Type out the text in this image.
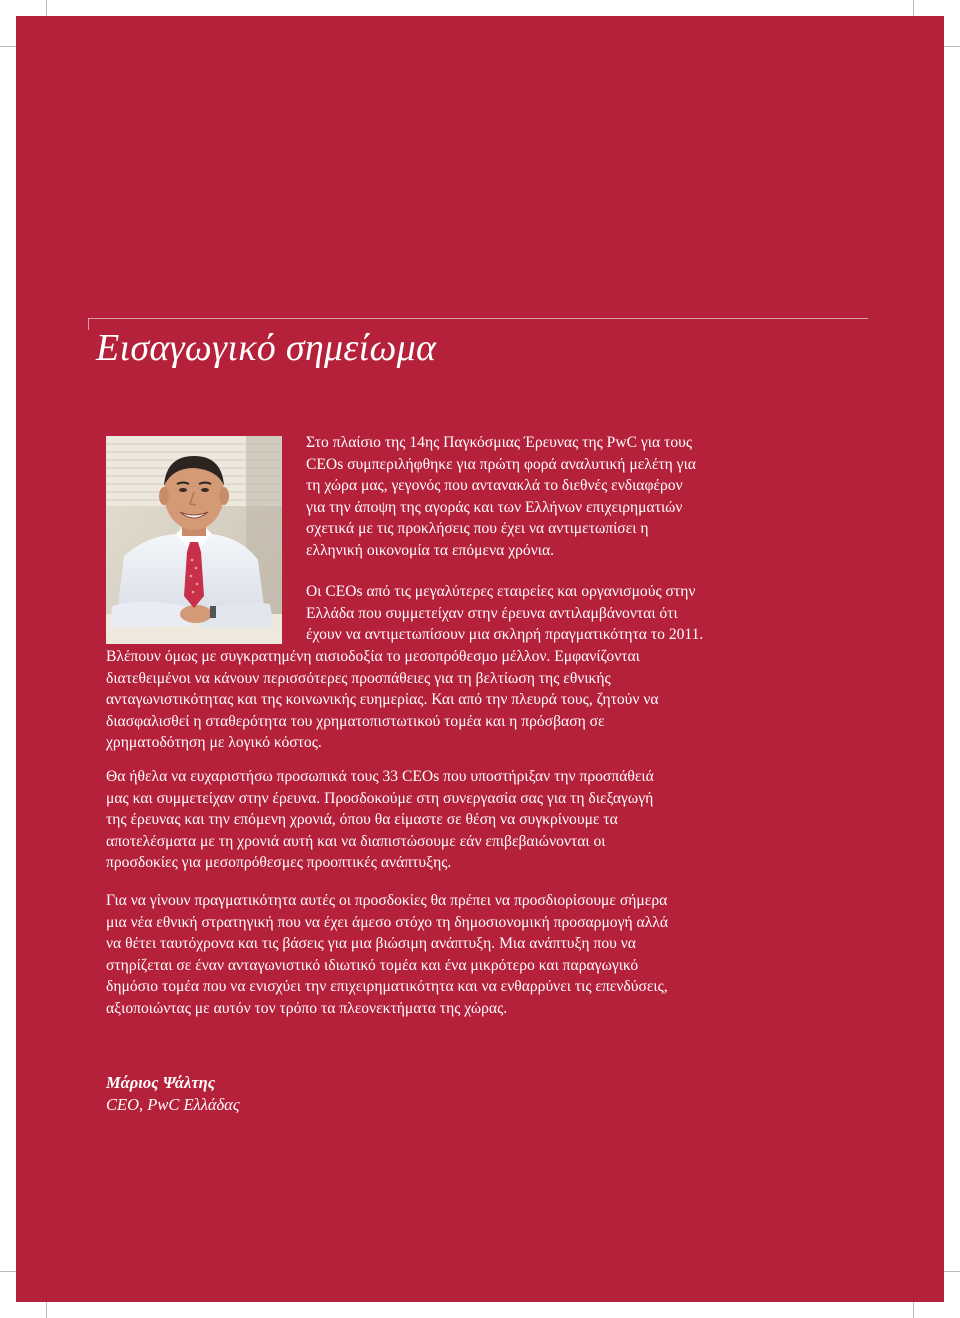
Εισαγωγικό σημείωμα
Στο πλαίσιο της 14ης Παγκόσμιας Έρευνας της PwC για τους
CEOs συμπεριλήφθηκε για πρώτη φορά αναλυτική μελέτη για
τη χώρα μας, γεγονός που αντανακλά το διεθνές ενδιαφέρον
για την άποψη της αγοράς και των Ελλήνων επιχειρηματιών
σχετικά με τις προκλήσεις που έχει να αντιμετωπίσει η
ελληνική οικονομία τα επόμενα χρόνια.
Οι CEOs από τις μεγαλύτερες εταιρείες και οργανισμούς στην
Ελλάδα που συμμετείχαν στην έρευνα αντιλαμβάνονται ότι
έχουν να αντιμετωπίσουν μια σκληρή πραγματικότητα το 2011.
Βλέπουν όμως με συγκρατημένη αισιοδοξία το μεσοπρόθεσμο μέλλον. Εμφανίζονται
διατεθειμένοι να κάνουν περισσότερες προσπάθειες για τη βελτίωση της εθνικής
ανταγωνιστικότητας και της κοινωνικής ευημερίας. Και από την πλευρά τους, ζητούν να
διασφαλισθεί η σταθερότητα του χρηματοπιστωτικού τομέα και η πρόσβαση σε
χρηματοδότηση με λογικό κόστος.
Θα ήθελα να ευχαριστήσω προσωπικά τους 33 CEOs που υποστήριξαν την προσπάθειά
μας και συμμετείχαν στην έρευνα. Προσδοκούμε στη συνεργασία σας για τη διεξαγωγή
της έρευνας και την επόμενη χρονιά, όπου θα είμαστε σε θέση να συγκρίνουμε τα
αποτελέσματα με τη χρονιά αυτή και να διαπιστώσουμε εάν επιβεβαιώνονται οι
προσδοκίες για μεσοπρόθεσμες προοπτικές ανάπτυξης.
Για να γίνουν πραγματικότητα αυτές οι προσδοκίες θα πρέπει να προσδιορίσουμε σήμερα
μια νέα εθνική στρατηγική που να έχει άμεσο στόχο τη δημοσιονομική προσαρμογή αλλά
να θέτει ταυτόχρονα και τις βάσεις για μια βιώσιμη ανάπτυξη. Μια ανάπτυξη που να
στηρίζεται σε έναν ανταγωνιστικό ιδιωτικό τομέα και ένα μικρότερο και παραγωγικό
δημόσιο τομέα που να ενισχύει την επιχειρηματικότητα και να ενθαρρύνει τις επενδύσεις,
αξιοποιώντας με αυτόν τον τρόπο τα πλεονεκτήματα της χώρας.
Μάριος Ψάλτης
CEO, PwC Ελλάδας
